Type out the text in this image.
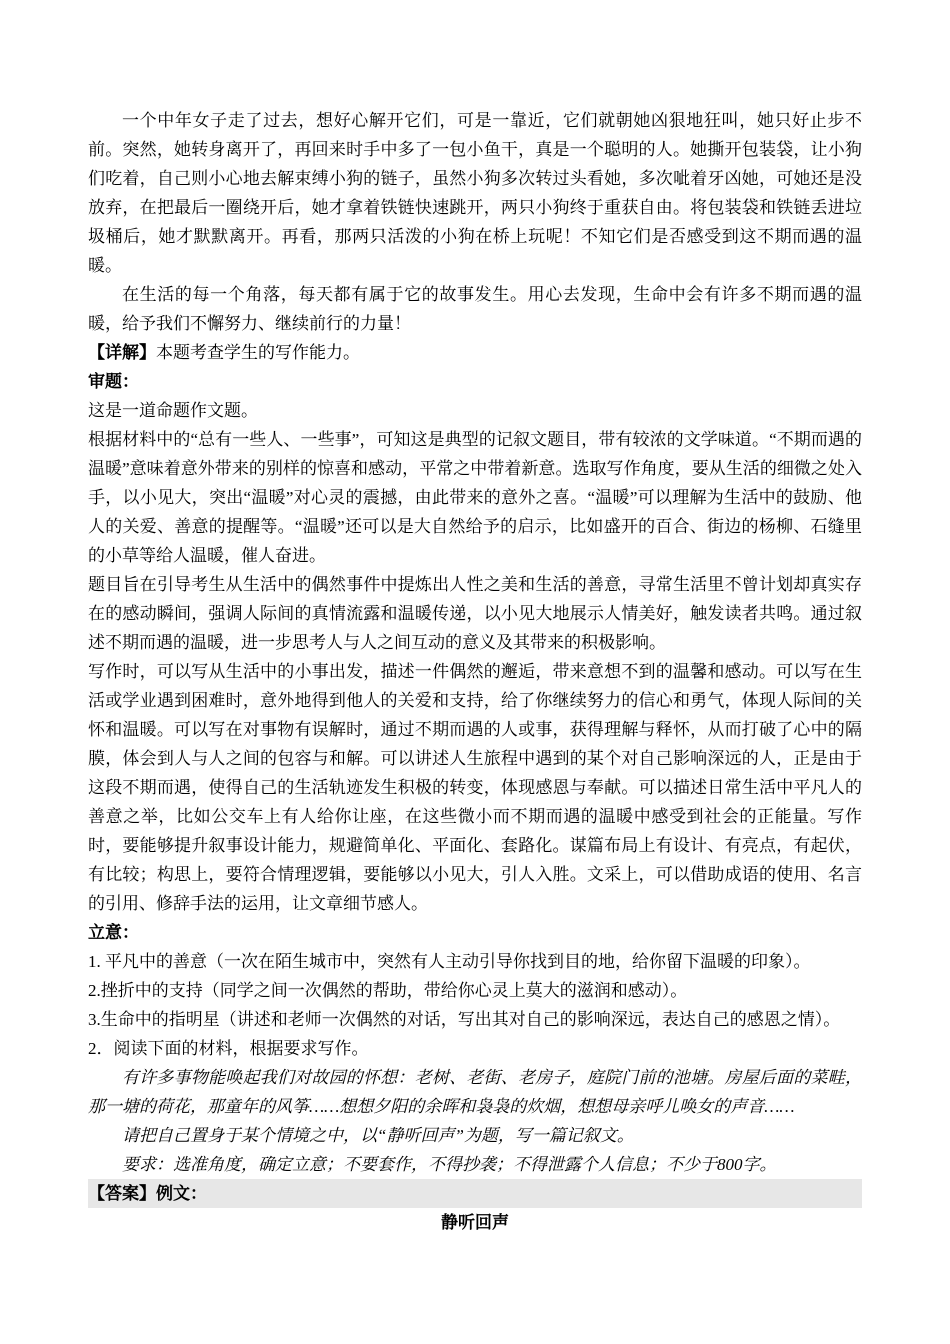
一个中年女子走了过去，想好心解开它们，可是一靠近，它们就朝她凶狠地狂叫，她只好止步不前。突然，她转身离开了，再回来时手中多了一包小鱼干，真是一个聪明的人。她撕开包装袋，让小狗们吃着，自己则小心地去解束缚小狗的链子，虽然小狗多次转过头看她，多次呲着牙凶她，可她还是没放弃，在把最后一圈绕开后，她才拿着铁链快速跳开，两只小狗终于重获自由。将包装袋和铁链丢进垃圾桶后，她才默默离开。再看，那两只活泼的小狗在桥上玩呢！不知它们是否感受到这不期而遇的温暖。

在生活的每一个角落，每天都有属于它的故事发生。用心去发现，生命中会有许多不期而遇的温暖，给予我们不懈努力、继续前行的力量！

【详解】本题考查学生的写作能力。

审题：

这是一道命题作文题。

根据材料中的“总有一些人、一些事”，可知这是典型的记叙文题目，带有较浓的文学味道。“不期而遇的温暖”意味着意外带来的别样的惊喜和感动，平常之中带着新意。选取写作角度，要从生活的细微之处入手，以小见大，突出“温暖”对心灵的震撼，由此带来的意外之喜。“温暖”可以理解为生活中的鼓励、他人的关爱、善意的提醒等。“温暖”还可以是大自然给予的启示，比如盛开的百合、街边的杨柳、石缝里的小草等给人温暖，催人奋进。

题目旨在引导考生从生活中的偶然事件中提炼出人性之美和生活的善意，寻常生活里不曾计划却真实存在的感动瞬间，强调人际间的真情流露和温暖传递，以小见大地展示人情美好，触发读者共鸣。通过叙述不期而遇的温暖，进一步思考人与人之间互动的意义及其带来的积极影响。

写作时，可以写从生活中的小事出发，描述一件偶然的邂逅，带来意想不到的温馨和感动。可以写在生活或学业遇到困难时，意外地得到他人的关爱和支持，给了你继续努力的信心和勇气，体现人际间的关怀和温暖。可以写在对事物有误解时，通过不期而遇的人或事，获得理解与释怀，从而打破了心中的隔膜，体会到人与人之间的包容与和解。可以讲述人生旅程中遇到的某个对自己影响深远的人，正是由于这段不期而遇，使得自己的生活轨迹发生积极的转变，体现感恩与奉献。可以描述日常生活中平凡人的善意之举，比如公交车上有人给你让座，在这些微小而不期而遇的温暖中感受到社会的正能量。写作时，要能够提升叙事设计能力，规避简单化、平面化、套路化。谋篇布局上有设计、有亮点，有起伏，有比较；构思上，要符合情理逻辑，要能够以小见大，引人入胜。文采上，可以借助成语的使用、名言的引用、修辞手法的运用，让文章细节感人。

立意：

1. 平凡中的善意（一次在陌生城市中，突然有人主动引导你找到目的地，给你留下温暖的印象）。

2.挫折中的支持（同学之间一次偶然的帮助，带给你心灵上莫大的滋润和感动）。

3.生命中的指明星（讲述和老师一次偶然的对话，写出其对自己的影响深远，表达自己的感恩之情）。

2．阅读下面的材料，根据要求写作。

有许多事物能唤起我们对故园的怀想：老树、老街、老房子，庭院门前的池塘。房屋后面的菜畦，那一塘的荷花，那童年的风筝……想想夕阳的余晖和袅袅的炊烟，想想母亲呼儿唤女的声音……

请把自己置身于某个情境之中，以“静听回声”为题，写一篇记叙文。

要求：选准角度，确定立意；不要套作，不得抄袭；不得泄露个人信息；不少于800字。

【答案】例文：

静听回声
